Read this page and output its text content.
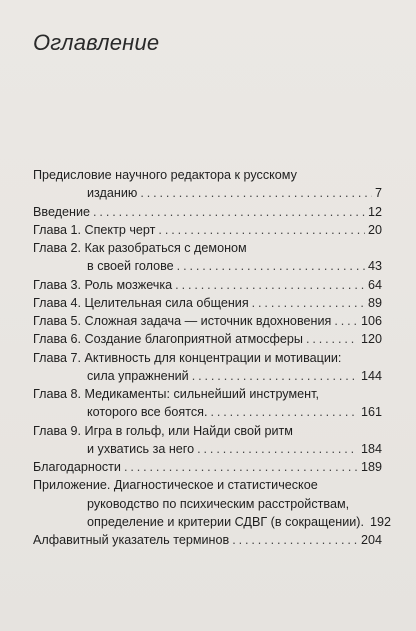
Оглавление
Предисловие научного редактора к русскому
изданию . . .	7
Введение . . .	12
Глава 1. Спектр черт . . .	20
Глава 2. Как разобраться с демоном
в своей голове . . .	43
Глава 3. Роль мозжечка . . .	64
Глава 4. Целительная сила общения . . .	89
Глава 5. Сложная задача — источник вдохновения . . . 106
Глава 6. Создание благоприятной атмосферы . . .	120
Глава 7. Активность для концентрации и мотивации:
сила упражнений . . .	144
Глава 8. Медикаменты: сильнейший инструмент,
которого все боятся. . . .	161
Глава 9. Игра в гольф, или Найди свой ритм
и ухватись за него . . .	184
Благодарности . . .	189
Приложение. Диагностическое и статистическое
руководство по психическим расстройствам,
определение и критерии СДВГ (в сокращении). 192
Алфавитный указатель терминов . . .	204
